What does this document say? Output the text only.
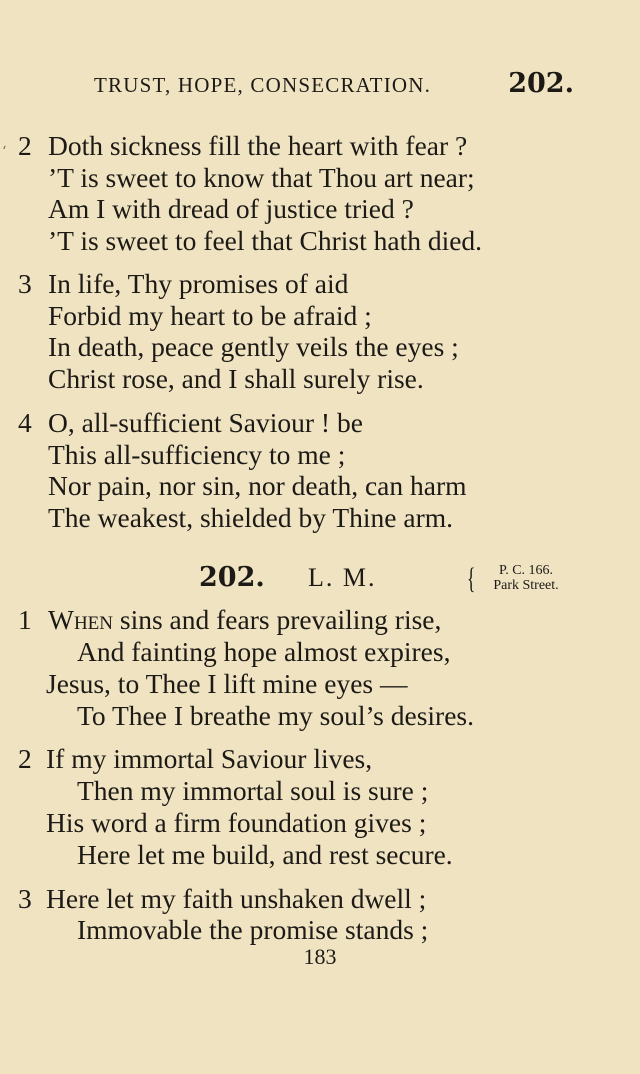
ʻ
TRUST, HOPE, CONSECRATION.	202.
2 Doth sickness fill the heart with fear ?
’T is sweet to know that Thou art near;
Am I with dread of justice tried ?
’T is sweet to feel that Christ hath died.
3 In life, Thy promises of aid
Forbid my heart to be afraid ;
In death, peace gently veils the eyes ;
Christ rose, and I shall surely rise.
4 O, all-sufficient Saviour ! be
This all-sufficiency to me ;
Nor pain, nor sin, nor death, can harm
The weakest, shielded by Thine arm.
202. L. M.	{	P. C. 166.
Park Street.
1 When sins and fears prevailing rise,
And fainting hope almost expires,
Jesus, to Thee I lift mine eyes —
To Thee I breathe my soul’s desires.
2 If my immortal Saviour lives,
Then my immortal soul is sure ;
His word a firm foundation gives ;
Here let me build, and rest secure.
3 Here let my faith unshaken dwell ;
Immovable the promise stands ;
183
